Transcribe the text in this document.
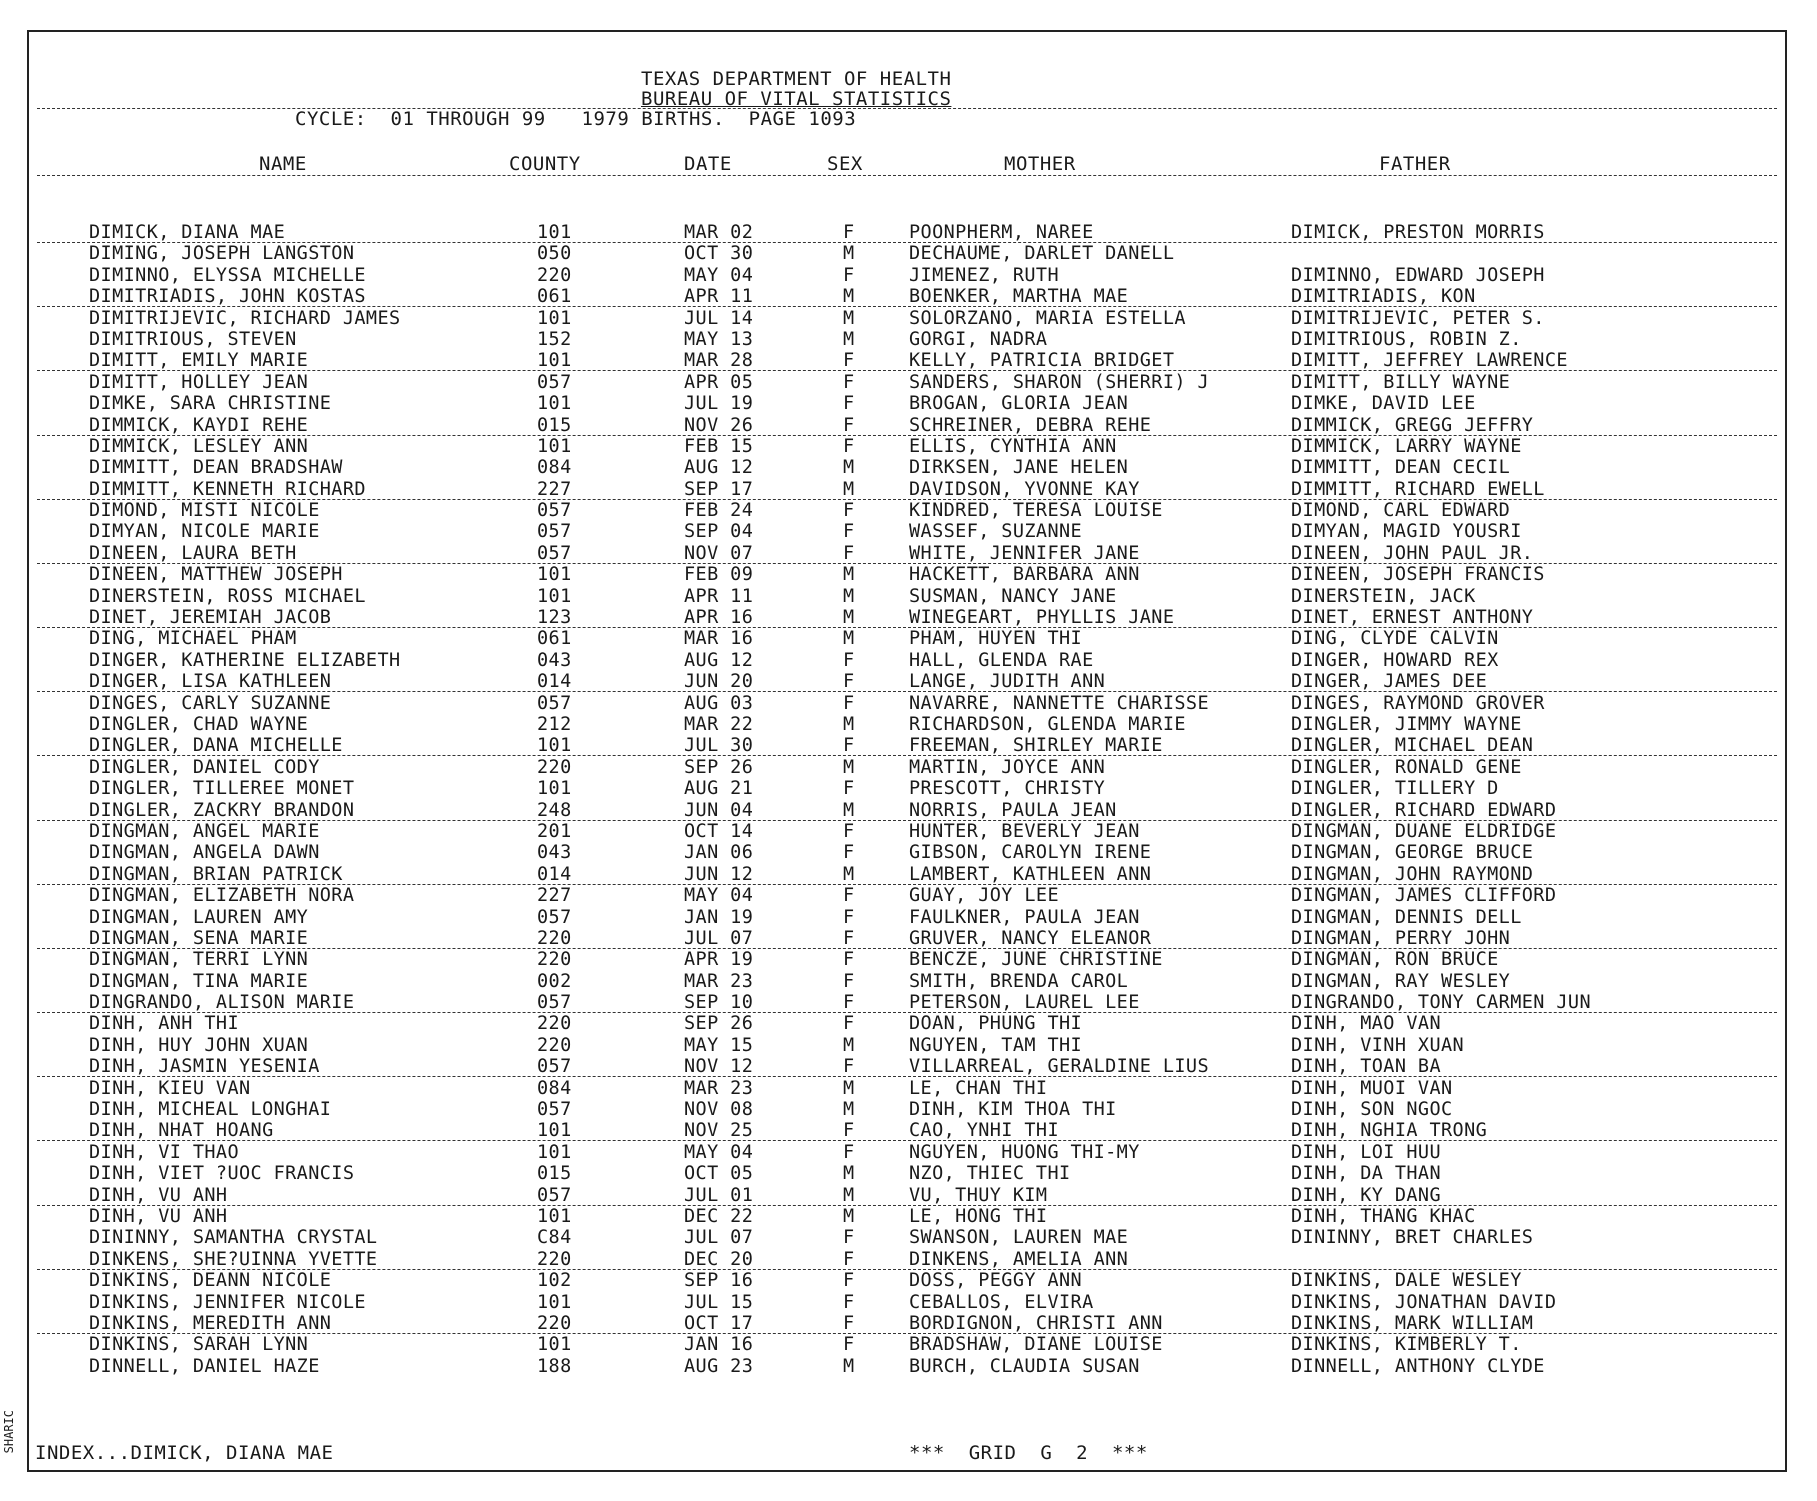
TEXAS DEPARTMENT OF HEALTH
BUREAU OF VITAL STATISTICS
CYCLE:  01 THROUGH 99   1979 BIRTHS.  PAGE 1093
NAME	COUNTY	DATE	SEX	MOTHER	FATHER
DIMICK, DIANA MAE	101	MAR 02	F	POONPHERM, NAREE	DIMICK, PRESTON MORRIS
DIMING, JOSEPH LANGSTON	050	OCT 30	M	DECHAUME, DARLET DANELL
DIMINNO, ELYSSA MICHELLE	220	MAY 04	F	JIMENEZ, RUTH	DIMINNO, EDWARD JOSEPH
DIMITRIADIS, JOHN KOSTAS	061	APR 11	M	BOENKER, MARTHA MAE	DIMITRIADIS, KON
DIMITRIJEVIC, RICHARD JAMES	101	JUL 14	M	SOLORZANO, MARIA ESTELLA	DIMITRIJEVIC, PETER S.
DIMITRIOUS, STEVEN	152	MAY 13	M	GORGI, NADRA	DIMITRIOUS, ROBIN Z.
DIMITT, EMILY MARIE	101	MAR 28	F	KELLY, PATRICIA BRIDGET	DIMITT, JEFFREY LAWRENCE
DIMITT, HOLLEY JEAN	057	APR 05	F	SANDERS, SHARON (SHERRI) J	DIMITT, BILLY WAYNE
DIMKE, SARA CHRISTINE	101	JUL 19	F	BROGAN, GLORIA JEAN	DIMKE, DAVID LEE
DIMMICK, KAYDI REHE	015	NOV 26	F	SCHREINER, DEBRA REHE	DIMMICK, GREGG JEFFRY
DIMMICK, LESLEY ANN	101	FEB 15	F	ELLIS, CYNTHIA ANN	DIMMICK, LARRY WAYNE
DIMMITT, DEAN BRADSHAW	084	AUG 12	M	DIRKSEN, JANE HELEN	DIMMITT, DEAN CECIL
DIMMITT, KENNETH RICHARD	227	SEP 17	M	DAVIDSON, YVONNE KAY	DIMMITT, RICHARD EWELL
DIMOND, MISTI NICOLE	057	FEB 24	F	KINDRED, TERESA LOUISE	DIMOND, CARL EDWARD
DIMYAN, NICOLE MARIE	057	SEP 04	F	WASSEF, SUZANNE	DIMYAN, MAGID YOUSRI
DINEEN, LAURA BETH	057	NOV 07	F	WHITE, JENNIFER JANE	DINEEN, JOHN PAUL JR.
DINEEN, MATTHEW JOSEPH	101	FEB 09	M	HACKETT, BARBARA ANN	DINEEN, JOSEPH FRANCIS
DINERSTEIN, ROSS MICHAEL	101	APR 11	M	SUSMAN, NANCY JANE	DINERSTEIN, JACK
DINET, JEREMIAH JACOB	123	APR 16	M	WINEGEART, PHYLLIS JANE	DINET, ERNEST ANTHONY
DING, MICHAEL PHAM	061	MAR 16	M	PHAM, HUYEN THI	DING, CLYDE CALVIN
DINGER, KATHERINE ELIZABETH	043	AUG 12	F	HALL, GLENDA RAE	DINGER, HOWARD REX
DINGER, LISA KATHLEEN	014	JUN 20	F	LANGE, JUDITH ANN	DINGER, JAMES DEE
DINGES, CARLY SUZANNE	057	AUG 03	F	NAVARRE, NANNETTE CHARISSE	DINGES, RAYMOND GROVER
DINGLER, CHAD WAYNE	212	MAR 22	M	RICHARDSON, GLENDA MARIE	DINGLER, JIMMY WAYNE
DINGLER, DANA MICHELLE	101	JUL 30	F	FREEMAN, SHIRLEY MARIE	DINGLER, MICHAEL DEAN
DINGLER, DANIEL CODY	220	SEP 26	M	MARTIN, JOYCE ANN	DINGLER, RONALD GENE
DINGLER, TILLEREE MONET	101	AUG 21	F	PRESCOTT, CHRISTY	DINGLER, TILLERY D
DINGLER, ZACKRY BRANDON	248	JUN 04	M	NORRIS, PAULA JEAN	DINGLER, RICHARD EDWARD
DINGMAN, ANGEL MARIE	201	OCT 14	F	HUNTER, BEVERLY JEAN	DINGMAN, DUANE ELDRIDGE
DINGMAN, ANGELA DAWN	043	JAN 06	F	GIBSON, CAROLYN IRENE	DINGMAN, GEORGE BRUCE
DINGMAN, BRIAN PATRICK	014	JUN 12	M	LAMBERT, KATHLEEN ANN	DINGMAN, JOHN RAYMOND
DINGMAN, ELIZABETH NORA	227	MAY 04	F	GUAY, JOY LEE	DINGMAN, JAMES CLIFFORD
DINGMAN, LAUREN AMY	057	JAN 19	F	FAULKNER, PAULA JEAN	DINGMAN, DENNIS DELL
DINGMAN, SENA MARIE	220	JUL 07	F	GRUVER, NANCY ELEANOR	DINGMAN, PERRY JOHN
DINGMAN, TERRI LYNN	220	APR 19	F	BENCZE, JUNE CHRISTINE	DINGMAN, RON BRUCE
DINGMAN, TINA MARIE	002	MAR 23	F	SMITH, BRENDA CAROL	DINGMAN, RAY WESLEY
DINGRANDO, ALISON MARIE	057	SEP 10	F	PETERSON, LAUREL LEE	DINGRANDO, TONY CARMEN JUN
DINH, ANH THI	220	SEP 26	F	DOAN, PHUNG THI	DINH, MAO VAN
DINH, HUY JOHN XUAN	220	MAY 15	M	NGUYEN, TAM THI	DINH, VINH XUAN
DINH, JASMIN YESENIA	057	NOV 12	F	VILLARREAL, GERALDINE LIUS	DINH, TOAN BA
DINH, KIEU VAN	084	MAR 23	M	LE, CHAN THI	DINH, MUOI VAN
DINH, MICHEAL LONGHAI	057	NOV 08	M	DINH, KIM THOA THI	DINH, SON NGOC
DINH, NHAT HOANG	101	NOV 25	F	CAO, YNHI THI	DINH, NGHIA TRONG
DINH, VI THAO	101	MAY 04	F	NGUYEN, HUONG THI-MY	DINH, LOI HUU
DINH, VIET ?UOC FRANCIS	015	OCT 05	M	NZO, THIEC THI	DINH, DA THAN
DINH, VU ANH	057	JUL 01	M	VU, THUY KIM	DINH, KY DANG
DINH, VU ANH	101	DEC 22	M	LE, HONG THI	DINH, THANG KHAC
DININNY, SAMANTHA CRYSTAL	C84	JUL 07	F	SWANSON, LAUREN MAE	DININNY, BRET CHARLES
DINKENS, SHE?UINNA YVETTE	220	DEC 20	F	DINKENS, AMELIA ANN
DINKINS, DEANN NICOLE	102	SEP 16	F	DOSS, PEGGY ANN	DINKINS, DALE WESLEY
DINKINS, JENNIFER NICOLE	101	JUL 15	F	CEBALLOS, ELVIRA	DINKINS, JONATHAN DAVID
DINKINS, MEREDITH ANN	220	OCT 17	F	BORDIGNON, CHRISTI ANN	DINKINS, MARK WILLIAM
DINKINS, SARAH LYNN	101	JAN 16	F	BRADSHAW, DIANE LOUISE	DINKINS, KIMBERLY T.
DINNELL, DANIEL HAZE	188	AUG 23	M	BURCH, CLAUDIA SUSAN	DINNELL, ANTHONY CLYDE
INDEX...DIMICK, DIANA MAE	***  GRID  G  2  ***
SHARIC
